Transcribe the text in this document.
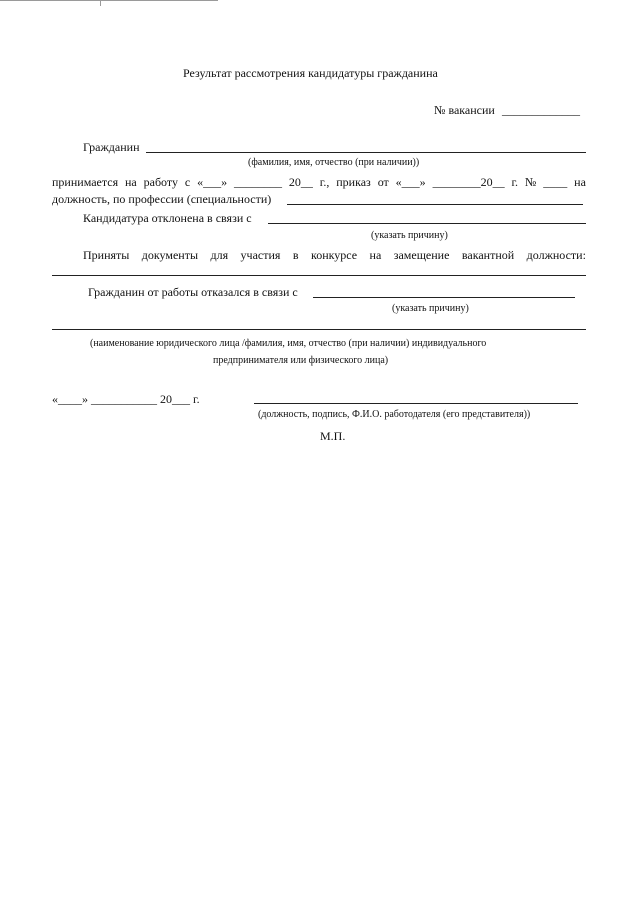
Результат рассмотрения кандидатуры гражданина
№ вакансии _____________
Гражданин
(фамилия, имя, отчество (при наличии))
принимается на работу с «___» ________ 20__ г., приказ от «___» ________20__ г. № ____ на
должность, по профессии (специальности)
Кандидатура отклонена в связи с
(указать причину)
Приняты документы для участия в конкурсе на замещение вакантной должности:
Гражданин от работы отказался в связи с
(указать причину)
(наименование юридического лица /фамилия, имя, отчество (при наличии) индивидуального
предпринимателя или физического лица)
«____» ___________ 20___ г.
(должность, подпись, Ф.И.О. работодателя (его представителя))
М.П.
